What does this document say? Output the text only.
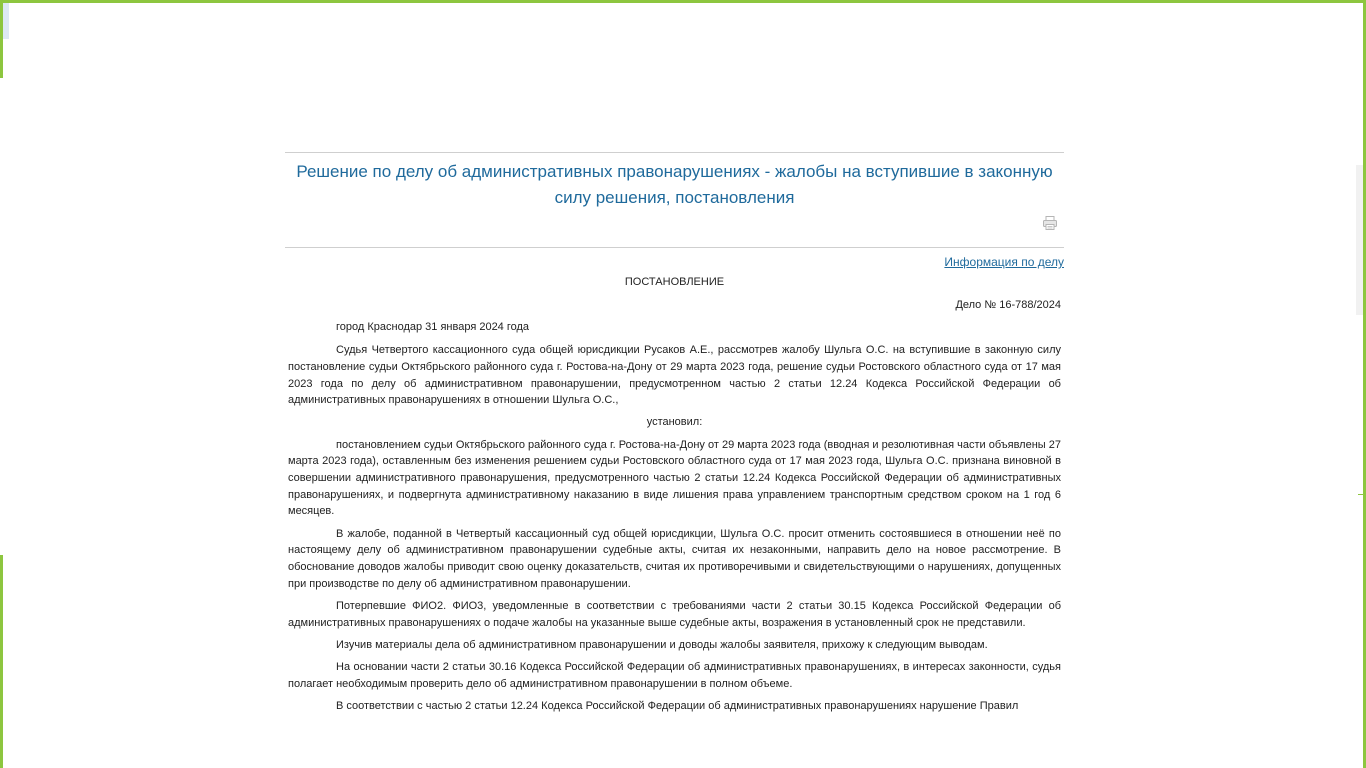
Решение по делу об административных правонарушениях - жалобы на вступившие в законную силу решения, постановления
Информация по делу

ПОСТАНОВЛЕНИЕ

Дело № 16-788/2024

город Краснодар 31 января 2024 года

Судья Четвертого кассационного суда общей юрисдикции Русаков А.Е., рассмотрев жалобу Шульга О.С. на вступившие в законную силу постановление судьи Октябрьского районного суда г. Ростова-на-Дону от 29 марта 2023 года, решение судьи Ростовского областного суда от 17 мая 2023 года по делу об административном правонарушении, предусмотренном частью 2 статьи 12.24 Кодекса Российской Федерации об административных правонарушениях в отношении Шульга О.С.,

установил:

постановлением судьи Октябрьского районного суда г. Ростова-на-Дону от 29 марта 2023 года (вводная и резолютивная части объявлены 27 марта 2023 года), оставленным без изменения решением судьи Ростовского областного суда от 17 мая 2023 года, Шульга О.С. признана виновной в совершении административного правонарушения, предусмотренного частью 2 статьи 12.24 Кодекса Российской Федерации об административных правонарушениях, и подвергнута административному наказанию в виде лишения права управлением транспортным средством сроком на 1 год 6 месяцев.

В жалобе, поданной в Четвертый кассационный суд общей юрисдикции, Шульга О.С. просит отменить состоявшиеся в отношении неё по настоящему делу об административном правонарушении судебные акты, считая их незаконными, направить дело на новое рассмотрение. В обоснование доводов жалобы приводит свою оценку доказательств, считая их противоречивыми и свидетельствующими о нарушениях, допущенных при производстве по делу об административном правонарушении.

Потерпевшие ФИО2. ФИО3, уведомленные в соответствии с требованиями части 2 статьи 30.15 Кодекса Российской Федерации об административных правонарушениях о подаче жалобы на указанные выше судебные акты, возражения в установленный срок не представили.

Изучив материалы дела об административном правонарушении и доводы жалобы заявителя, прихожу к следующим выводам.

На основании части 2 статьи 30.16 Кодекса Российской Федерации об административных правонарушениях, в интересах законности, судья полагает необходимым проверить дело об административном правонарушении в полном объеме.

В соответствии с частью 2 статьи 12.24 Кодекса Российской Федерации об административных правонарушениях нарушение Правил
